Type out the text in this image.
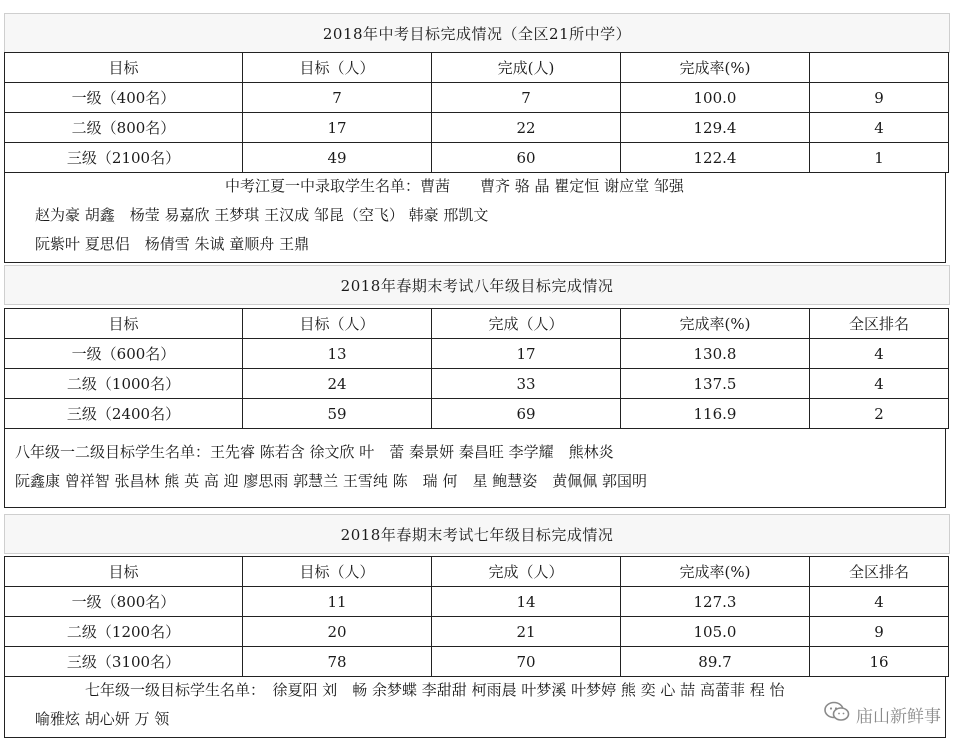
2018年中考目标完成情况（全区21所中学）
目标	目标（人）	完成(人)	完成率(%)	
一级（400名）	7	7	100.0	9
二级（800名）	17	22	129.4	4
三级（2100名）	49	60	122.4	1
中考江夏一中录取学生名单：曹茜　　曹齐 骆 晶 瞿定恒 谢应堂 邹强
赵为豪 胡鑫　杨莹 易嘉欣 王梦琪 王汉成 邹昆（空飞） 韩豪 邢凯文
阮紫叶 夏思侣　杨倩雪 朱诚 童顺舟 王鼎
2018年春期末考试八年级目标完成情况
目标	目标（人）	完成（人）	完成率(%)	全区排名
一级（600名）	13	17	130.8	4
二级（1000名）	24	33	137.5	4
三级（2400名）	59	69	116.9	2
八年级一二级目标学生名单：王先睿 陈若含 徐文欣 叶　蕾 秦景妍 秦昌旺 李学耀　熊林炎
阮鑫康 曾祥智 张昌林 熊 英 高 迎 廖思雨 郭慧兰 王雪纯 陈　瑞 何　星 鲍慧姿　黄佩佩 郭国明
2018年春期末考试七年级目标完成情况
目标	目标（人）	完成（人）	完成率(%)	全区排名
一级（800名）	11	14	127.3	4
二级（1200名）	20	21	105.0	9
三级（3100名）	78	70	89.7	16
七年级一级目标学生名单：　徐夏阳 刘　畅 余梦蝶 李甜甜 柯雨晨 叶梦溪 叶梦婷 熊 奕 心 喆 高蕾菲 程 怡
喻雅炫 胡心妍 万 领	庙山新鲜事
